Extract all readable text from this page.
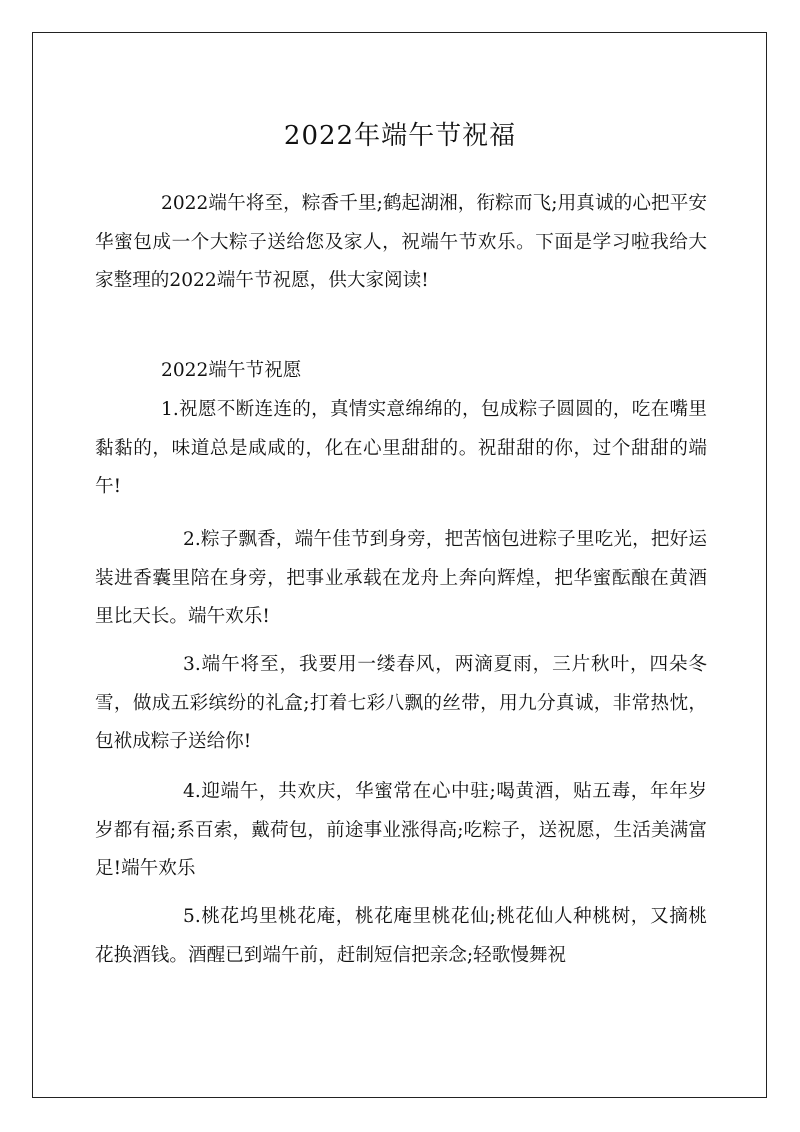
2022年端午节祝福

2022端午将至，粽香千里;鹤起湖湘，衔粽而飞;用真诚的心把平安华蜜包成一个大粽子送给您及家人，祝端午节欢乐。下面是学习啦我给大家整理的2022端午节祝愿，供大家阅读!

2022端午节祝愿

1.祝愿不断连连的，真情实意绵绵的，包成粽子圆圆的，吃在嘴里黏黏的，味道总是咸咸的，化在心里甜甜的。祝甜甜的你，过个甜甜的端午!

2.粽子飘香，端午佳节到身旁，把苦恼包进粽子里吃光，把好运装进香囊里陪在身旁，把事业承载在龙舟上奔向辉煌，把华蜜酝酿在黄酒里比天长。端午欢乐!

3.端午将至，我要用一缕春风，两滴夏雨，三片秋叶，四朵冬雪，做成五彩缤纷的礼盒;打着七彩八飘的丝带，用九分真诚，非常热忱，包袱成粽子送给你!

4.迎端午，共欢庆，华蜜常在心中驻;喝黄酒，贴五毒，年年岁岁都有福;系百索，戴荷包，前途事业涨得高;吃粽子，送祝愿，生活美满富足!端午欢乐

5.桃花坞里桃花庵，桃花庵里桃花仙;桃花仙人种桃树，又摘桃花换酒钱。酒醒已到端午前，赶制短信把亲念;轻歌慢舞祝
